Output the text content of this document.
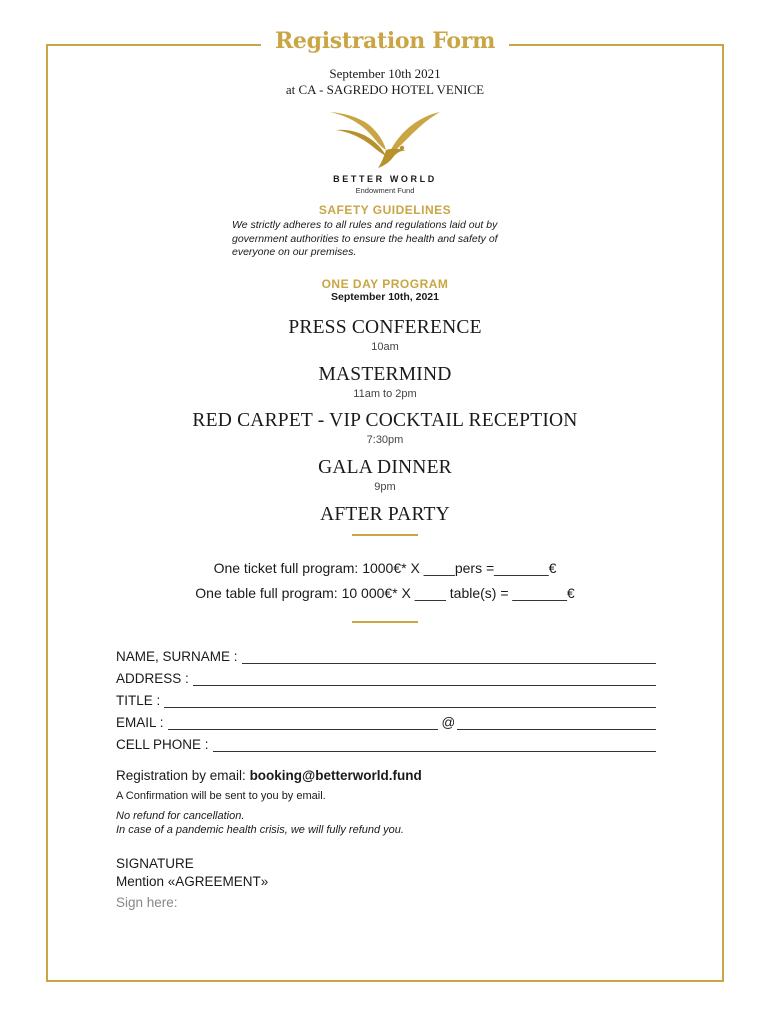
Registration Form
September 10th 2021
at CA - SAGREDO HOTEL VENICE
BETTER WORLD
Endowment Fund
SAFETY GUIDELINES
We strictly adheres to all rules and regulations laid out by
government authorities to ensure the health and safety of
everyone on our premises.
ONE DAY PROGRAM
September 10th, 2021
PRESS CONFERENCE
10am
MASTERMIND
11am to 2pm
RED CARPET - VIP COCKTAIL RECEPTION
7:30pm
GALA DINNER
9pm
AFTER PARTY
One ticket full program: 1000€* X ____pers =_______€
One table full program: 10 000€* X ____ table(s) = _______€
NAME, SURNAME :
ADDRESS :
TITLE :
EMAIL :	@
CELL PHONE :
Registration by email: booking@betterworld.fund
A Confirmation will be sent to you by email.
No refund for cancellation.
In case of a pandemic health crisis, we will fully refund you.
SIGNATURE
Mention «AGREEMENT»
Sign here:
